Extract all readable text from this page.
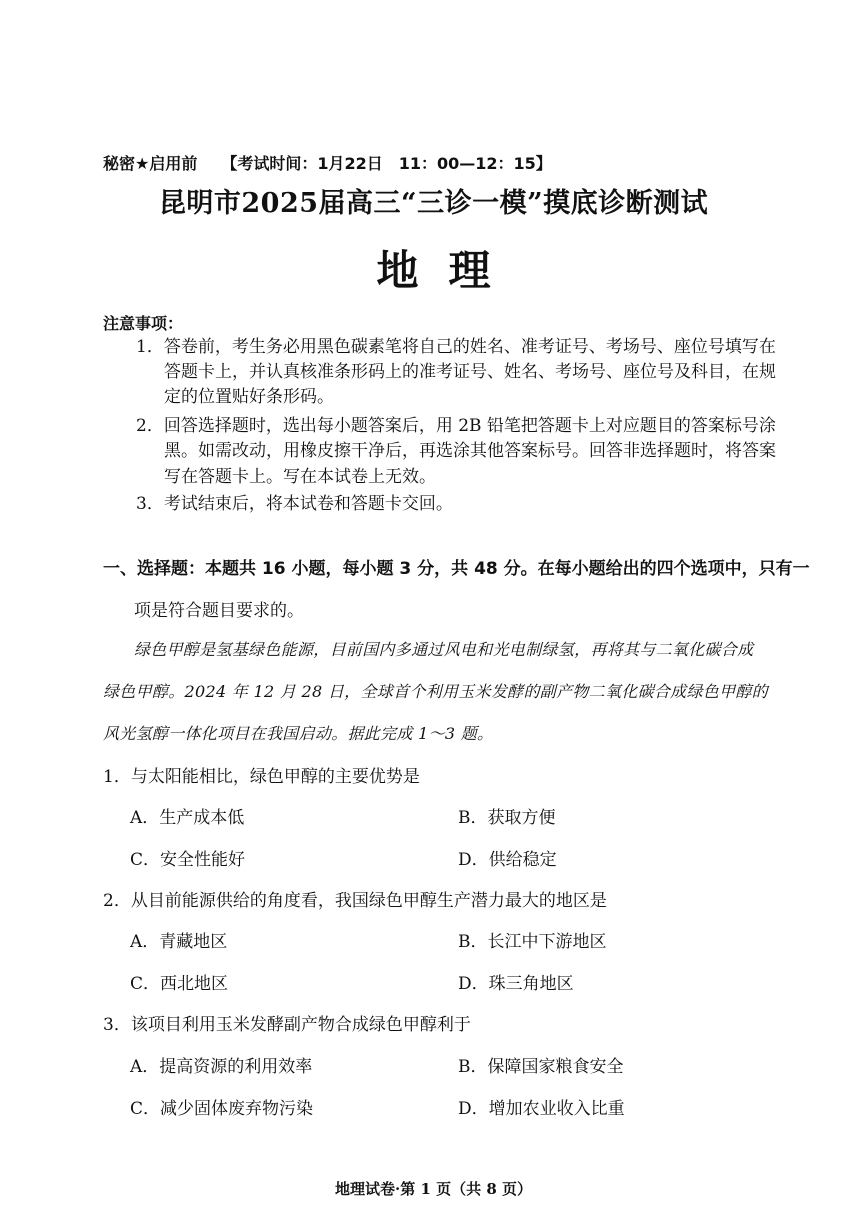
秘密★启用前　　【考试时间：1月22日　11：00—12：15】
昆明市2025届高三“三诊一模”摸底诊断测试
地理
注意事项：
1．答卷前，考生务必用黑色碳素笔将自己的姓名、准考证号、考场号、座位号填写在
答题卡上，并认真核准条形码上的准考证号、姓名、考场号、座位号及科目，在规
定的位置贴好条形码。
2．回答选择题时，选出每小题答案后，用 2B 铅笔把答题卡上对应题目的答案标号涂
黑。如需改动，用橡皮擦干净后，再选涂其他答案标号。回答非选择题时，将答案
写在答题卡上。写在本试卷上无效。
3．考试结束后，将本试卷和答题卡交回。
一、选择题：本题共 16 小题，每小题 3 分，共 48 分。在每小题给出的四个选项中，只有一
项是符合题目要求的。
绿色甲醇是氢基绿色能源，目前国内多通过风电和光电制绿氢，再将其与二氧化碳合成
绿色甲醇。2024 年 12 月 28 日，全球首个利用玉米发酵的副产物二氧化碳合成绿色甲醇的
风光氢醇一体化项目在我国启动。据此完成 1～3 题。
1．与太阳能相比，绿色甲醇的主要优势是
A．生产成本低	B．获取方便
C．安全性能好	D．供给稳定
2．从目前能源供给的角度看，我国绿色甲醇生产潜力最大的地区是
A．青藏地区	B．长江中下游地区
C．西北地区	D．珠三角地区
3．该项目利用玉米发酵副产物合成绿色甲醇利于
A．提高资源的利用效率	B．保障国家粮食安全
C．减少固体废弃物污染	D．增加农业收入比重
地理试卷·第 1 页（共 8 页）
